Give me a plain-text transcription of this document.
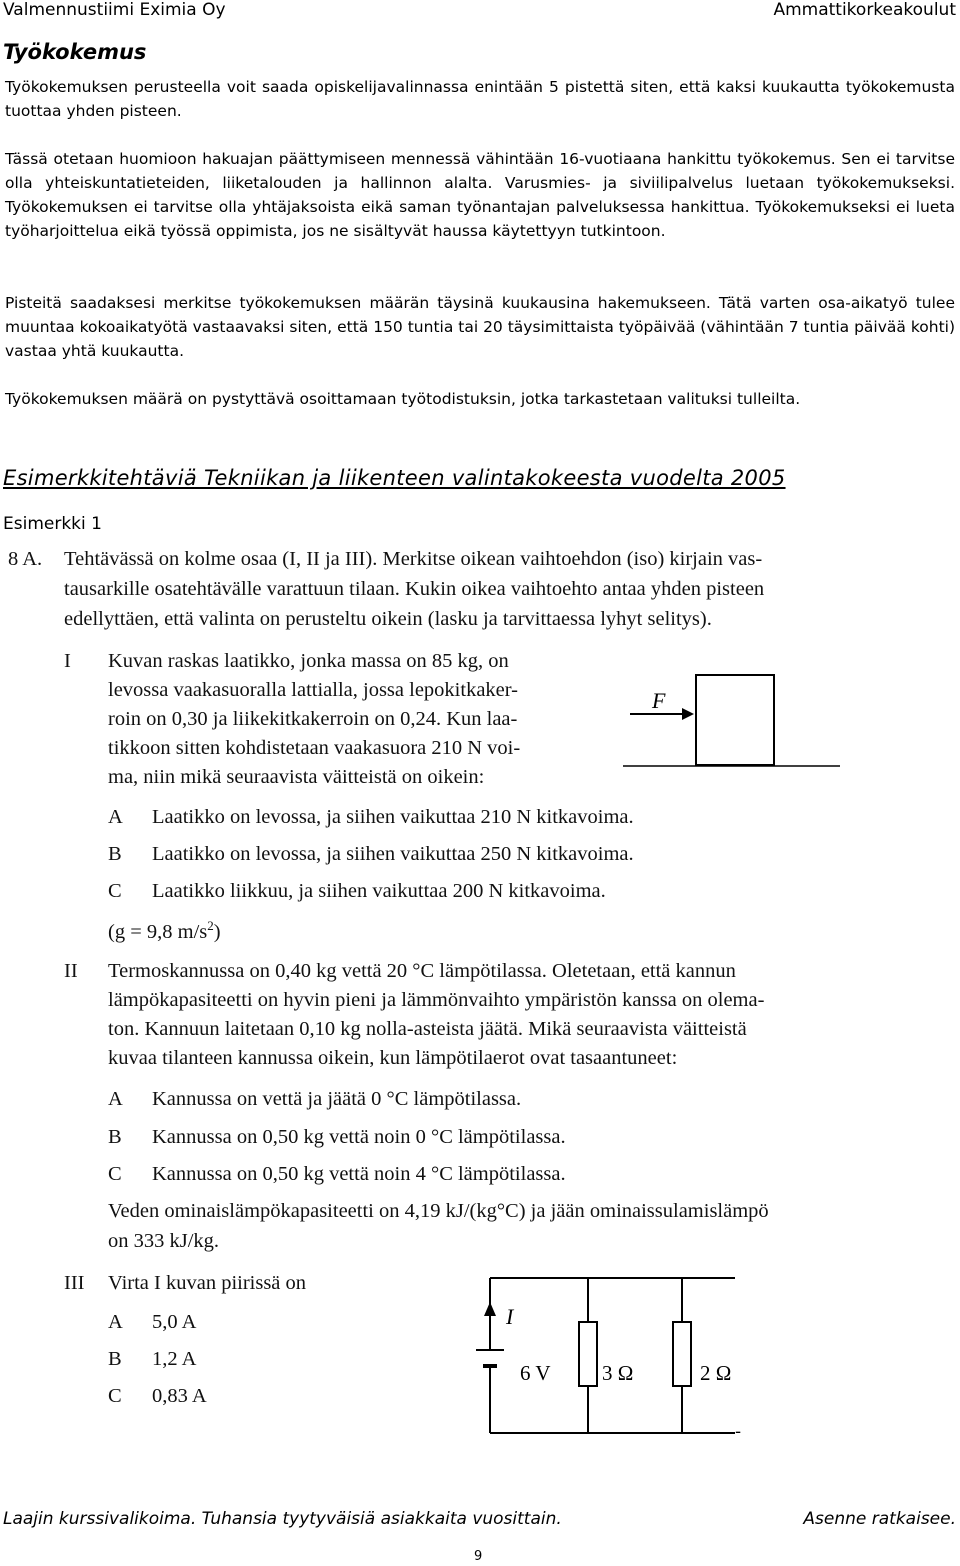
Valmennustiimi Eximia Oy	Ammattikorkeakoulut
Työkokemus
Työkokemuksen perusteella voit saada opiskelijavalinnassa enintään 5 pistettä siten, että kaksi kuukautta työkokemusta tuottaa yhden pisteen.
Tässä otetaan huomioon hakuajan päättymiseen mennessä vähintään 16-vuotiaana hankittu työkokemus. Sen ei tarvitse olla yhteiskuntatieteiden, liiketalouden ja hallinnon alalta. Varusmies- ja siviilipalvelus luetaan työkokemukseksi. Työkokemuksen ei tarvitse olla yhtäjaksoista eikä saman työnantajan palveluksessa hankittua. Työkokemukseksi ei lueta työharjoittelua eikä työssä oppimista, jos ne sisältyvät haussa käytettyyn tutkintoon.
Pisteitä saadaksesi merkitse työkokemuksen määrän täysinä kuukausina hakemukseen. Tätä varten osa-aikatyö tulee muuntaa kokoaikatyötä vastaavaksi siten, että 150 tuntia tai 20 täysimittaista työpäivää (vähintään 7 tuntia päivää kohti) vastaa yhtä kuukautta.
Työkokemuksen määrä on pystyttävä osoittamaan työtodistuksin, jotka tarkastetaan valituksi tulleilta.
Esimerkkitehtäviä Tekniikan ja liikenteen valintakokeesta vuodelta 2005
Esimerkki 1
8 A. Tehtävässä on kolme osaa (I, II ja III). Merkitse oikean vaihtoehdon (iso) kirjain vas-
tausarkille osatehtävälle varattuun tilaan. Kukin oikea vaihtoehto antaa yhden pisteen
edellyttäen, että valinta on perusteltu oikein (lasku ja tarvittaessa lyhyt selitys).
I Kuvan raskas laatikko, jonka massa on 85 kg, on
levossa vaakasuoralla lattialla, jossa lepokitkaker-
roin on 0,30 ja liikekitkakerroin on 0,24. Kun laa-
tikkoon sitten kohdistetaan vaakasuora 210 N voi-
ma, niin mikä seuraavista väitteistä on oikein:
A Laatikko on levossa, ja siihen vaikuttaa 210 N kitkavoima.
B Laatikko on levossa, ja siihen vaikuttaa 250 N kitkavoima.
C Laatikko liikkuu, ja siihen vaikuttaa 200 N kitkavoima.
(g = 9,8 $m/s^2$)
F
II Termoskannussa on 0,40 kg vettä 20 °C lämpötilassa. Oletetaan, että kannun
lämpökapasiteetti on hyvin pieni ja lämmönvaihto ympäristön kanssa on olema-
ton. Kannuun laitetaan 0,10 kg nolla-asteista jäätä. Mikä seuraavista väitteistä
kuvaa tilanteen kannussa oikein, kun lämpötilaerot ovat tasaantuneet:
A Kannussa on vettä ja jäätä 0 °C lämpötilassa.
B Kannussa on 0,50 kg vettä noin 0 °C lämpötilassa.
C Kannussa on 0,50 kg vettä noin 4 °C lämpötilassa.
Veden ominaislämpökapasiteetti on 4,19 kJ/(kg°C) ja jään ominaissulamislämpö
on 333 kJ/kg.
III Virta I kuvan piirissä on
A 5,0 A
B 1,2 A
C 0,83 A
I
6 V 3 Ω	2 Ω
-
Laajin kurssivalikoima. Tuhansia tyytyväisiä asiakkaita vuosittain.	Asenne ratkaisee.
9
